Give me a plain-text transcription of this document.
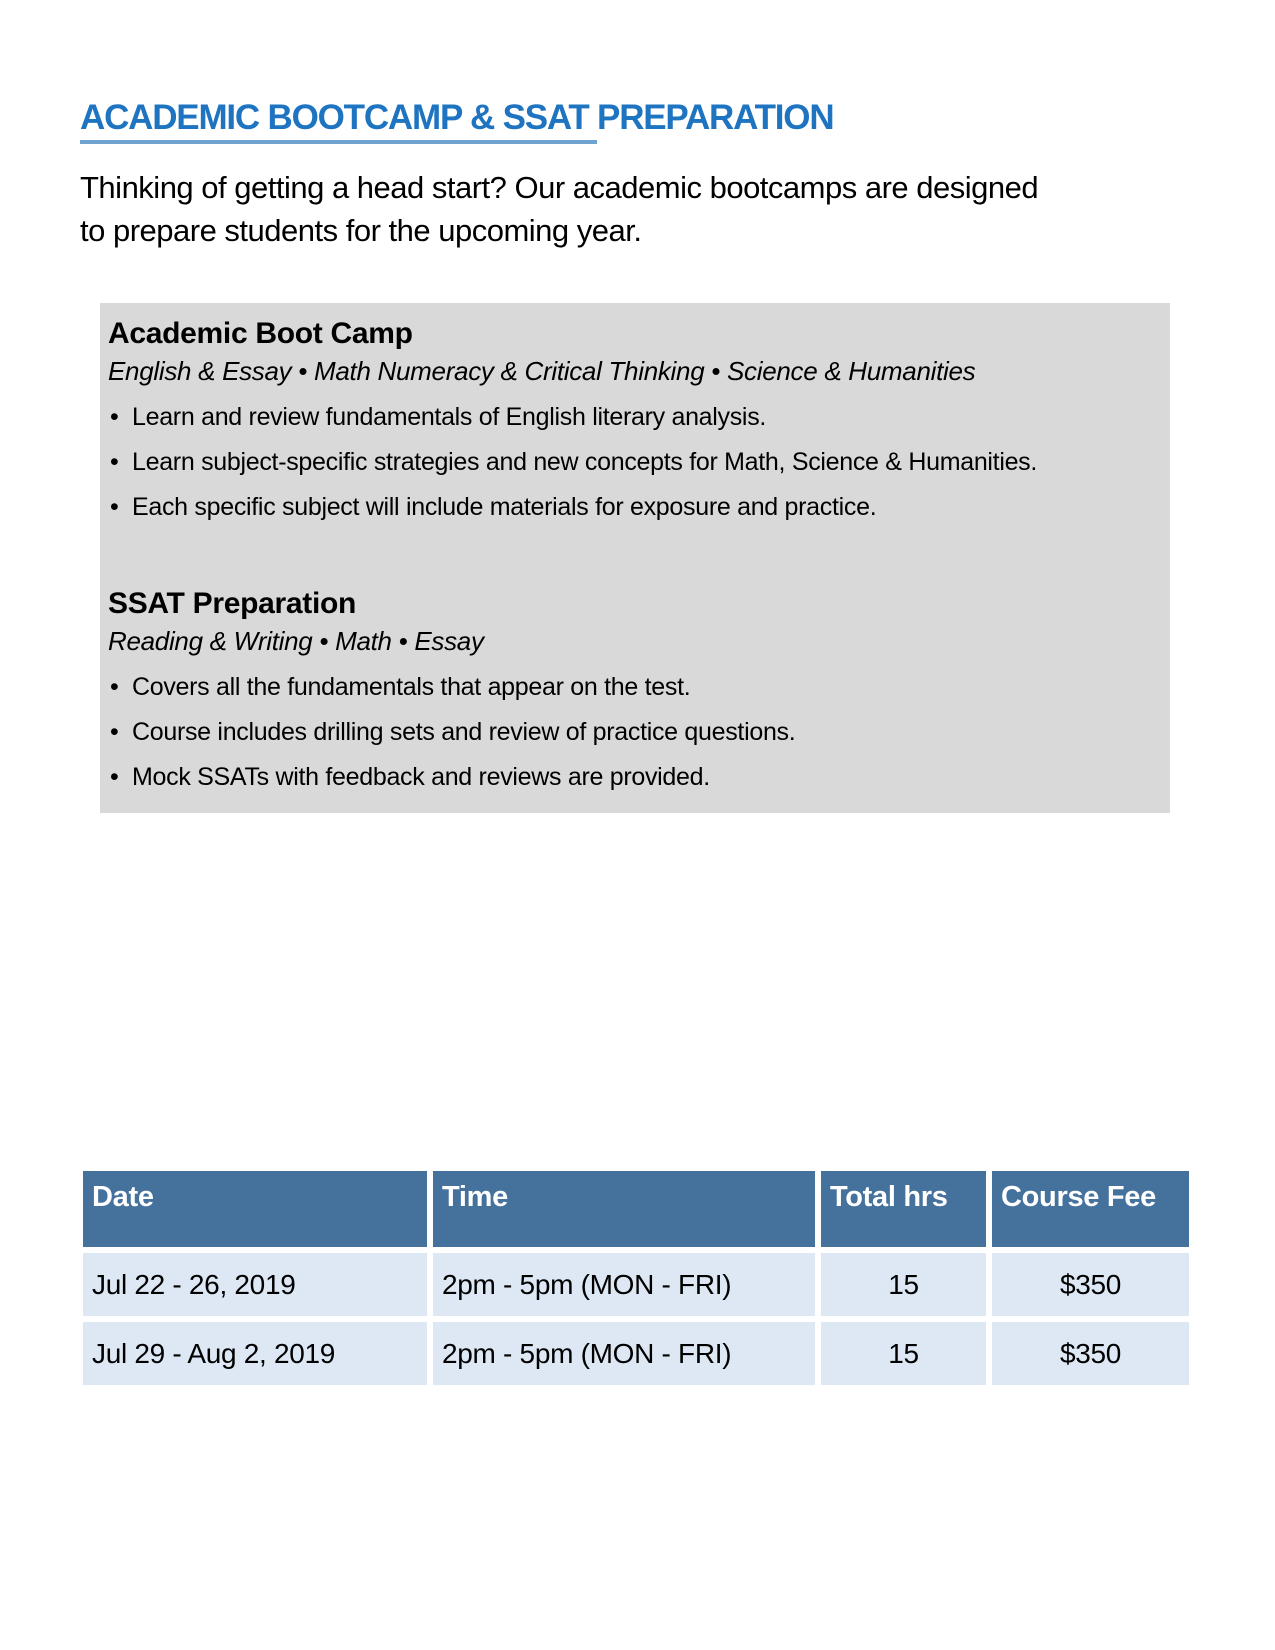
ACADEMIC BOOTCAMP & SSAT PREPARATION

Thinking of getting a head start? Our academic bootcamps are designed
to prepare students for the upcoming year.

Academic Boot Camp
English & Essay • Math Numeracy & Critical Thinking • Science & Humanities
• Learn and review fundamentals of English literary analysis.
• Learn subject-specific strategies and new concepts for Math, Science & Humanities.
• Each specific subject will include materials for exposure and practice.
SSAT Preparation
Reading & Writing • Math • Essay
• Covers all the fundamentals that appear on the test.
• Course includes drilling sets and review of practice questions.
• Mock SSATs with feedback and reviews are provided.
Date	Time	Total hrs	Course Fee
Jul 22 - 26, 2019	2pm - 5pm (MON - FRI)	15	$350
Jul 29 - Aug 2, 2019	2pm - 5pm (MON - FRI)	15	$350
